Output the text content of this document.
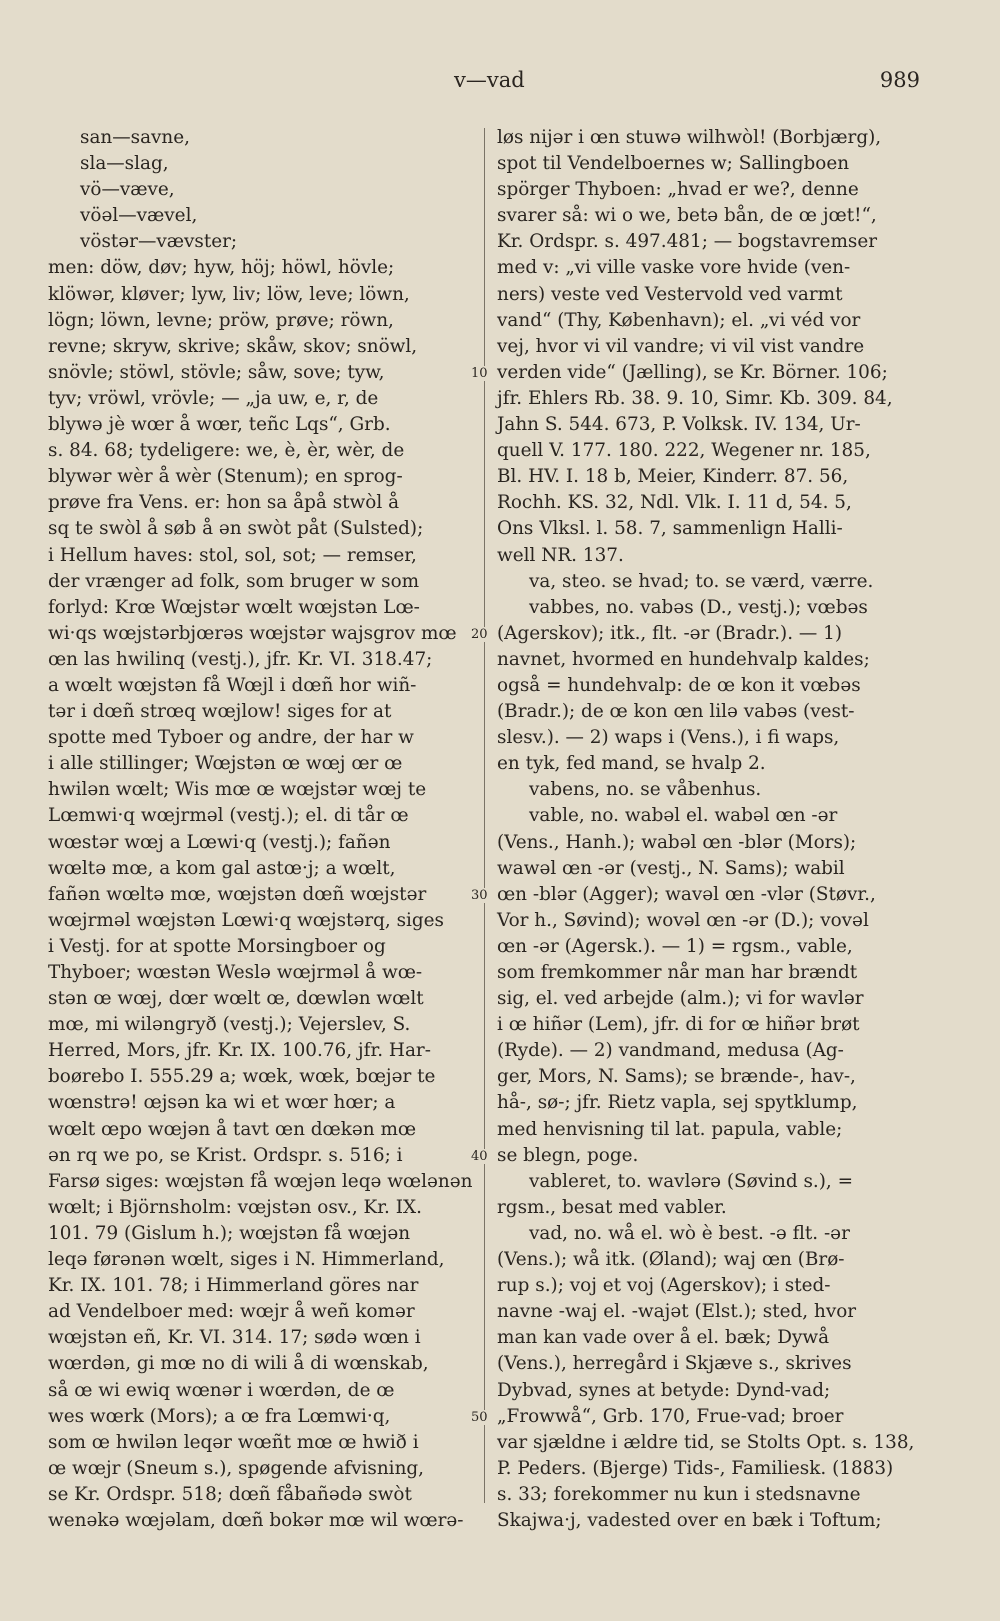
v—vad	989
san—savne,
sla—slag,
vö—væve,
vöəl—vævel,
vöstər—vævster;
men: döw, døv; hyw, höj; höwl, hövle;
klöwər, kløver; lyw, liv; löw, leve; löwn,
lögn; löwn, levne; pröw, prøve; röwn,
revne; skryw, skrive; skåw, skov; snöwl,
snövle; stöwl, stövle; såw, sove; tyw,
tyv; vröwl, vrövle; — „ja uw, e, r, de
blywə jè wœr å wœr, teñc Lqs“, Grb.
s. 84. 68; tydeligere: we, è, èr, wèr, de
blywər wèr å wèr (Stenum); en sprog-
prøve fra Vens. er: hon sa åpå stwòl å
sq te swòl å søb å ən swòt påt (Sulsted);
i Hellum haves: stol, sol, sot; — remser,
der vrænger ad folk, som bruger w som
forlyd: Krœ Wœjstər wœlt wœjstən Lœ-
wi·qs wœjstərbjœrəs wœjstər wajsgrov mœ
œn las hwilinq (vestj.), jfr. Kr. VI. 318.47;
a wœlt wœjstən få Wœjl i dœñ hor wiñ-
tər i dœñ strœq wœjlow! siges for at
spotte med Tyboer og andre, der har w
i alle stillinger; Wœjstən œ wœj œr œ
hwilən wœlt; Wis mœ œ wœjstər wœj te
Lœmwi·q wœjrməl (vestj.); el. di tår œ
wœstər wœj a Lœwi·q (vestj.); fañən
wœltə mœ, a kom gal astœ·j; a wœlt,
fañən wœltə mœ, wœjstən dœñ wœjstər
wœjrməl wœjstən Lœwi·q wœjstərq, siges
i Vestj. for at spotte Morsingboer og
Thyboer; wœstən Weslə wœjrməl å wœ-
stən œ wœj, dœr wœlt œ, dœwlən wœlt
mœ, mi wiləngryð (vestj.); Vejerslev, S.
Herred, Mors, jfr. Kr. IX. 100.76, jfr. Har-
boørebo I. 555.29 a; wœk, wœk, bœjər te
wœnstrə! œjsən ka wi et wœr hœr; a
wœlt œpo wœjən å tavt œn dœkən mœ
ən rq we po, se Krist. Ordspr. s. 516; i
Farsø siges: wœjstən få wœjən leqə wœlənən
wœlt; i Björnsholm: vœjstən osv., Kr. IX.
101. 79 (Gislum h.); wœjstən få wœjən
leqə førənən wœlt, siges i N. Himmerland,
Kr. IX. 101. 78; i Himmerland göres nar
ad Vendelboer med: wœjr å weñ komər
wœjstən eñ, Kr. VI. 314. 17; sødə wœn i
wœrdən, gi mœ no di wili å di wœnskab,
så œ wi ewiq wœnər i wœrdən, de œ
wes wœrk (Mors); a œ fra Lœmwi·q,
som œ hwilən leqər wœñt mœ œ hwið i
œ wœjr (Sneum s.), spøgende afvisning,
se Kr. Ordspr. 518; dœñ fåbañədə swòt
wenəkə wœjəlam, dœñ bokər mœ wil wœrə-
10
20
30
40
50
løs nijər i œn stuwə wilhwòl! (Borbjærg),
spot til Vendelboernes w; Sallingboen
spörger Thyboen: „hvad er we?, denne
svarer så: wi o we, betə bån, de œ jœt!“,
Kr. Ordspr. s. 497.481; — bogstavremser
med v: „vi ville vaske vore hvide (ven-
ners) veste ved Vestervold ved varmt
vand“ (Thy, København); el. „vi véd vor
vej, hvor vi vil vandre; vi vil vist vandre
verden vide“ (Jælling), se Kr. Börner. 106;
jfr. Ehlers Rb. 38. 9. 10, Simr. Kb. 309. 84,
Jahn S. 544. 673, P. Volksk. IV. 134, Ur-
quell V. 177. 180. 222, Wegener nr. 185,
Bl. HV. I. 18 b, Meier, Kinderr. 87. 56,
Rochh. KS. 32, Ndl. Vlk. I. 11 d, 54. 5,
Ons Vlksl. l. 58. 7, sammenlign Halli-
well NR. 137.
va, steo. se hvad; to. se værd, værre.
vabbes, no. vabəs (D., vestj.); vœbəs
(Agerskov); itk., flt. -ər (Bradr.). — 1)
navnet, hvormed en hundehvalp kaldes;
også = hundehvalp: de œ kon it vœbəs
(Bradr.); de œ kon œn lilə vabəs (vest-
slesv.). — 2) waps i (Vens.), i fi waps,
en tyk, fed mand, se hvalp 2.
vabens, no. se våbenhus.
vable, no. wabəl el. wabəl œn -ər
(Vens., Hanh.); wabəl œn -blər (Mors);
wawəl œn -ər (vestj., N. Sams); wabil
œn -blər (Agger); wavəl œn -vlər (Støvr.,
Vor h., Søvind); wovəl œn -ər (D.); vovəl
œn -ər (Agersk.). — 1) = rgsm., vable,
som fremkommer når man har brændt
sig, el. ved arbejde (alm.); vi for wavlər
i œ hiñər (Lem), jfr. di for œ hiñər brøt
(Ryde). — 2) vandmand, medusa (Ag-
ger, Mors, N. Sams); se brænde-, hav-,
hå-, sø-; jfr. Rietz vapla, sej spytklump,
med henvisning til lat. papula, vable;
se blegn, poge.
vableret, to. wavlərə (Søvind s.), =
rgsm., besat med vabler.
vad, no. wå el. wò è best. -ə flt. -ər
(Vens.); wå itk. (Øland); waj œn (Brø-
rup s.); voj et voj (Agerskov); i sted-
navne -waj el. -wajət (Elst.); sted, hvor
man kan vade over å el. bæk; Dywå
(Vens.), herregård i Skjæve s., skrives
Dybvad, synes at betyde: Dynd-vad;
„Frowwå“, Grb. 170, Frue-vad; broer
var sjældne i ældre tid, se Stolts Opt. s. 138,
P. Peders. (Bjerge) Tids-, Familiesk. (1883)
s. 33; forekommer nu kun i stedsnavne
Skajwa·j, vadested over en bæk i Toftum;
